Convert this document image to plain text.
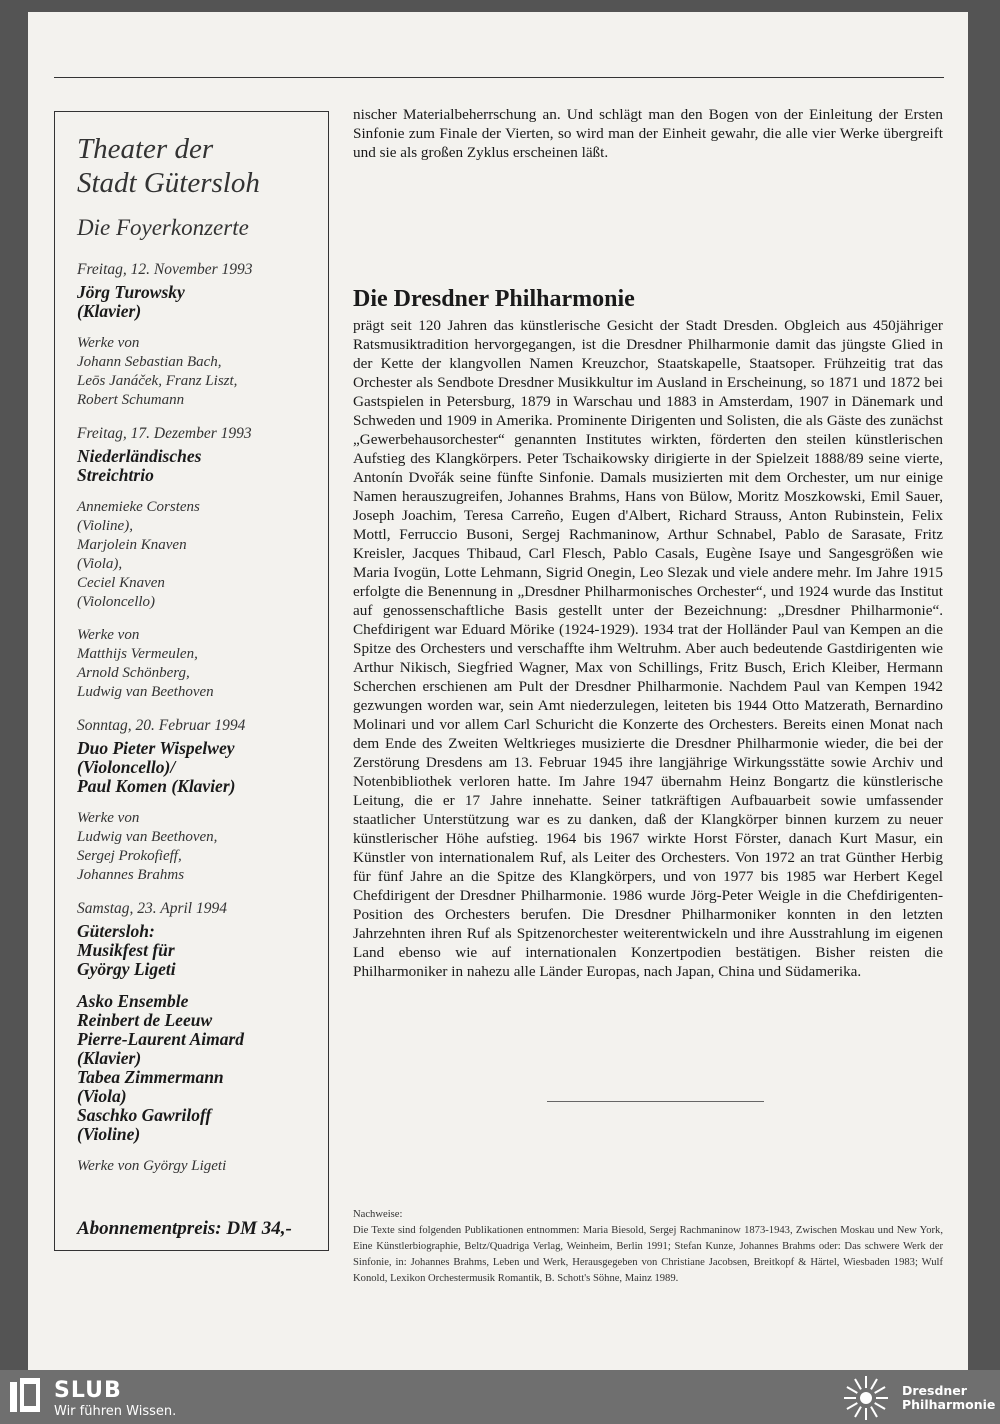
Theater der
Stadt Gütersloh
Die Foyerkonzerte
Freitag, 12. November 1993
Jörg Turowsky
(Klavier)
Werke von
Johann Sebastian Bach,
Leōs Janáček, Franz Liszt,
Robert Schumann
Freitag, 17. Dezember 1993
Niederländisches
Streichtrio
Annemieke Corstens
(Violine),
Marjolein Knaven
(Viola),
Ceciel Knaven
(Violoncello)
Werke von
Matthijs Vermeulen,
Arnold Schönberg,
Ludwig van Beethoven
Sonntag, 20. Februar 1994
Duo Pieter Wispelwey
(Violoncello)/
Paul Komen (Klavier)
Werke von
Ludwig van Beethoven,
Sergej Prokofieff,
Johannes Brahms
Samstag, 23. April 1994
Gütersloh:
Musikfest für
György Ligeti
Asko Ensemble
Reinbert de Leeuw
Pierre-Laurent Aimard
(Klavier)
Tabea Zimmermann
(Viola)
Saschko Gawriloff
(Violine)
Werke von György Ligeti
Abonnementpreis: DM 34,-

nischer Materialbeherrschung an. Und schlägt man den Bogen von der Einleitung der Ersten Sinfonie zum Finale der Vierten, so wird man der Einheit gewahr, die alle vier Werke übergreift und sie als großen Zyklus erscheinen läßt.

Die Dresdner Philharmonie

prägt seit 120 Jahren das künstlerische Gesicht der Stadt Dresden. Obgleich aus 450jähriger Ratsmusiktradition hervorgegangen, ist die Dresdner Philharmonie damit das jüngste Glied in der Kette der klangvollen Namen Kreuzchor, Staatskapelle, Staatsoper. Frühzeitig trat das Orchester als Sendbote Dresdner Musikkultur im Ausland in Erscheinung, so 1871 und 1872 bei Gastspielen in Petersburg, 1879 in Warschau und 1883 in Amsterdam, 1907 in Dänemark und Schweden und 1909 in Amerika. Prominente Dirigenten und Solisten, die als Gäste des zunächst „Gewerbehausorchester“ genannten Institutes wirkten, förderten den steilen künstlerischen Aufstieg des Klangkörpers. Peter Tschaikowsky dirigierte in der Spielzeit 1888/89 seine vierte, Antonín Dvořák seine fünfte Sinfonie. Damals musizierten mit dem Orchester, um nur einige Namen herauszugreifen, Johannes Brahms, Hans von Bülow, Moritz Moszkowski, Emil Sauer, Joseph Joachim, Teresa Carreño, Eugen d'Albert, Richard Strauss, Anton Rubinstein, Felix Mottl, Ferruccio Busoni, Sergej Rachmaninow, Arthur Schnabel, Pablo de Sarasate, Fritz Kreisler, Jacques Thibaud, Carl Flesch, Pablo Casals, Eugène Isaye und Sangesgrößen wie Maria Ivogün, Lotte Lehmann, Sigrid Onegin, Leo Slezak und viele andere mehr. Im Jahre 1915 erfolgte die Benennung in „Dresdner Philharmonisches Orchester“, und 1924 wurde das Institut auf genossenschaftliche Basis gestellt unter der Bezeichnung: „Dresdner Philharmonie“. Chefdirigent war Eduard Mörike (1924-1929). 1934 trat der Holländer Paul van Kempen an die Spitze des Orchesters und verschaffte ihm Weltruhm. Aber auch bedeutende Gastdirigenten wie Arthur Nikisch, Siegfried Wagner, Max von Schillings, Fritz Busch, Erich Kleiber, Hermann Scherchen erschienen am Pult der Dresdner Philharmonie. Nachdem Paul van Kempen 1942 gezwungen worden war, sein Amt niederzulegen, leiteten bis 1944 Otto Matzerath, Bernardino Molinari und vor allem Carl Schuricht die Konzerte des Orchesters. Bereits einen Monat nach dem Ende des Zweiten Weltkrieges musizierte die Dresdner Philharmonie wieder, die bei der Zerstörung Dresdens am 13. Februar 1945 ihre langjährige Wirkungsstätte sowie Archiv und Notenbibliothek verloren hatte. Im Jahre 1947 übernahm Heinz Bongartz die künstlerische Leitung, die er 17 Jahre innehatte. Seiner tatkräftigen Aufbauarbeit sowie umfassender staatlicher Unterstützung war es zu danken, daß der Klangkörper binnen kurzem zu neuer künstlerischer Höhe aufstieg. 1964 bis 1967 wirkte Horst Förster, danach Kurt Masur, ein Künstler von internationalem Ruf, als Leiter des Orchesters. Von 1972 an trat Günther Herbig für fünf Jahre an die Spitze des Klangkörpers, und von 1977 bis 1985 war Herbert Kegel Chefdirigent der Dresdner Philharmonie. 1986 wurde Jörg-Peter Weigle in die Chefdirigenten-Position des Orchesters berufen. Die Dresdner Philharmoniker konnten in den letzten Jahrzehnten ihren Ruf als Spitzenorchester weiterentwickeln und ihre Ausstrahlung im eigenen Land ebenso wie auf internationalen Konzertpodien bestätigen. Bisher reisten die Philharmoniker in nahezu alle Länder Europas, nach Japan, China und Südamerika.

Nachweise:

Die Texte sind folgenden Publikationen entnommen: Maria Biesold, Sergej Rachmaninow 1873-1943, Zwischen Moskau und New York, Eine Künstlerbiographie, Beltz/Quadriga Verlag, Weinheim, Berlin 1991; Stefan Kunze, Johannes Brahms oder: Das schwere Werk der Sinfonie, in: Johannes Brahms, Leben und Werk, Herausgegeben von Christiane Jacobsen, Breitkopf & Härtel, Wiesbaden 1983; Wulf Konold, Lexikon Orchestermusik Romantik, B. Schott's Söhne, Mainz 1989.

SLUB
Wir führen Wissen.
Dresdner
Philharmonie
